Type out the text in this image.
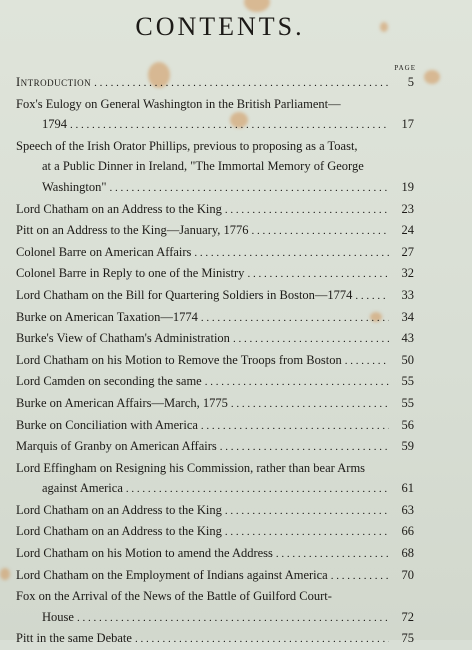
CONTENTS.
PAGE
Introduction . . .	5
Fox's Eulogy on General Washington in the British Parliament—
1794 . . .	17
Speech of the Irish Orator Phillips, previous to proposing as a Toast,
at a Public Dinner in Ireland, "The Immortal Memory of George
Washington" . . .	19
Lord Chatham on an Address to the King . . .	23
Pitt on an Address to the King—January, 1776 . . .	24
Colonel Barre on American Affairs . . .	27
Colonel Barre in Reply to one of the Ministry . . .	32
Lord Chatham on the Bill for Quartering Soldiers in Boston—1774 . . .	33
Burke on American Taxation—1774 . . .	34
Burke's View of Chatham's Administration . . .	43
Lord Chatham on his Motion to Remove the Troops from Boston . . .	50
Lord Camden on seconding the same . . .	55
Burke on American Affairs—March, 1775 . . .	55
Burke on Conciliation with America . . .	56
Marquis of Granby on American Affairs . . .	59
Lord Effingham on Resigning his Commission, rather than bear Arms
against America . . .	61
Lord Chatham on an Address to the King . . .	63
Lord Chatham on an Address to the King . . .	66
Lord Chatham on his Motion to amend the Address . . .	68
Lord Chatham on the Employment of Indians against America . . .	70
Fox on the Arrival of the News of the Battle of Guilford Court-
House . . .	72
Pitt in the same Debate . . .	75
